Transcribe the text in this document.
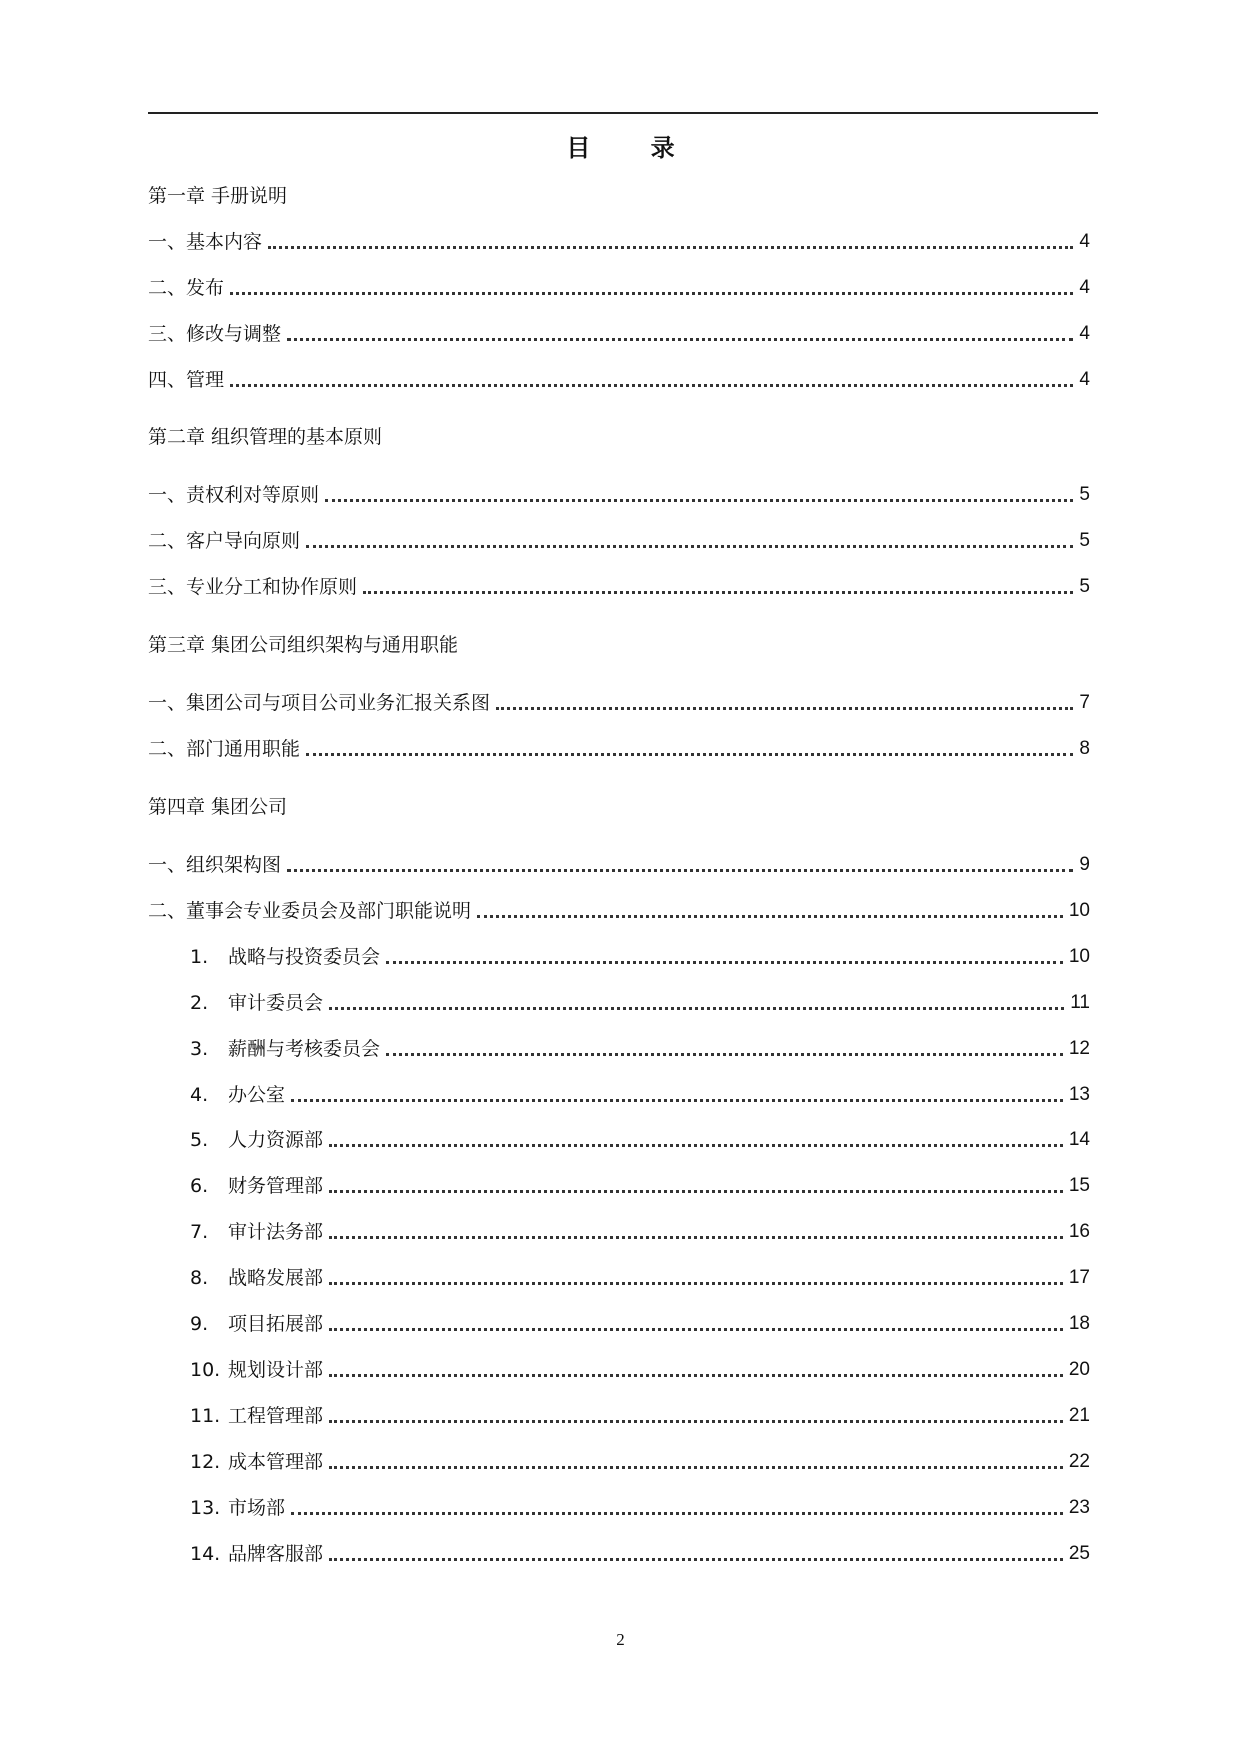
目 录
第一章 手册说明
一、基本内容	4
二、发布	4
三、修改与调整	4
四、管理	4
第二章 组织管理的基本原则
一、责权利对等原则	5
二、客户导向原则	5
三、专业分工和协作原则	5
第三章 集团公司组织架构与通用职能
一、集团公司与项目公司业务汇报关系图	7
二、部门通用职能	8
第四章 集团公司
一、组织架构图	9
二、董事会专业委员会及部门职能说明	10
1.	战略与投资委员会	10
2.	审计委员会	11
3.	薪酬与考核委员会	12
4.	办公室	13
5.	人力资源部	14
6.	财务管理部	15
7.	审计法务部	16
8.	战略发展部	17
9.	项目拓展部	18
10. 规划设计部	20
11. 工程管理部	21
12. 成本管理部	22
13. 市场部	23
14. 品牌客服部	25
2
